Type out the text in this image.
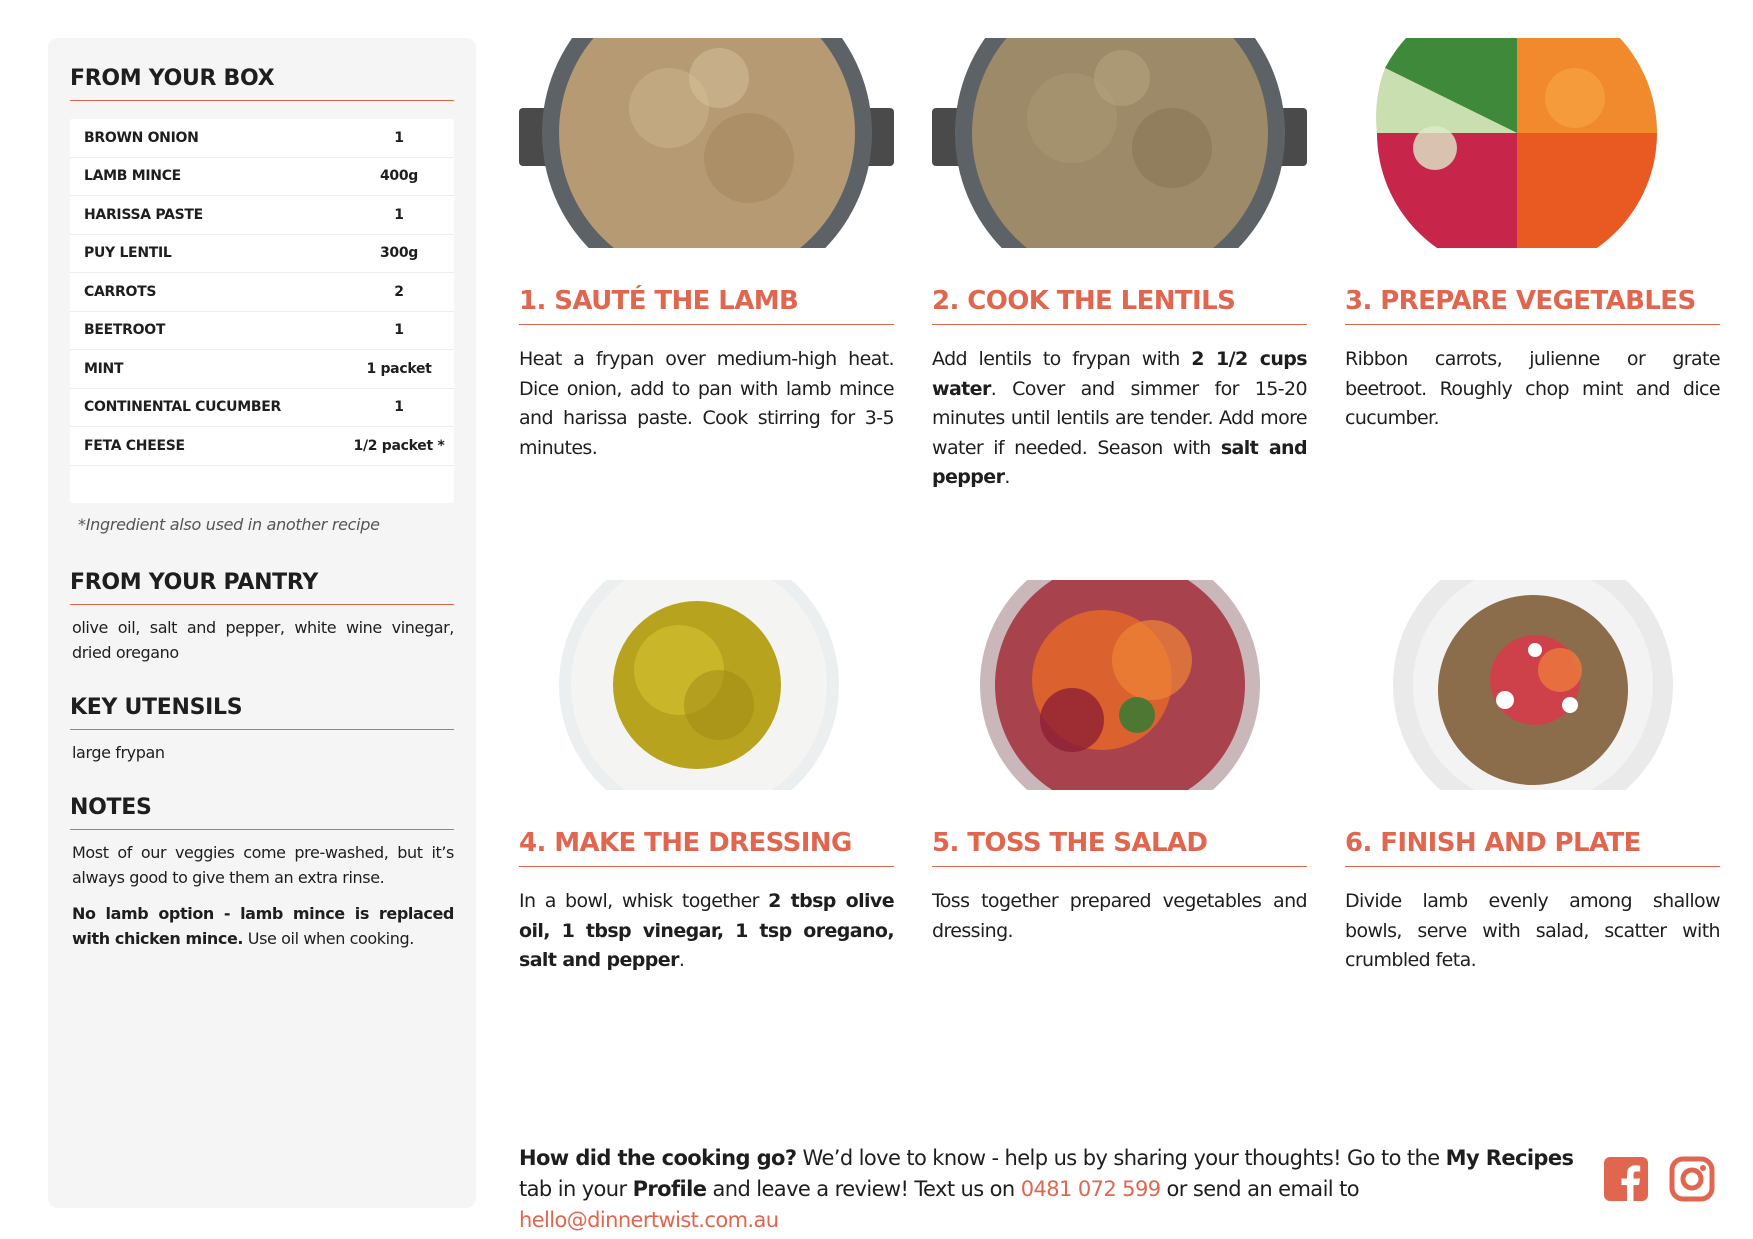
FROM YOUR BOX
BROWN ONION	1
LAMB MINCE	400g
HARISSA PASTE	1
PUY LENTIL	300g
CARROTS	2
BEETROOT	1
MINT	1 packet
CONTINENTAL CUCUMBER	1
FETA CHEESE	1/2 packet *

*Ingredient also used in another recipe

FROM YOUR PANTRY

olive oil, salt and pepper, white wine vinegar, dried oregano

KEY UTENSILS

large frypan

NOTES

Most of our veggies come pre-washed, but it’s always good to give them an extra rinse.

No lamb option - lamb mince is replaced with chicken mince. Use oil when cooking.

1. SAUTÉ THE LAMB

Heat a frypan over medium-high heat. Dice onion, add to pan with lamb mince and harissa paste. Cook stirring for 3-5 minutes.

2. COOK THE LENTILS

Add lentils to frypan with 2 1/2 cups water. Cover and simmer for 15-20 minutes until lentils are tender. Add more water if needed. Season with salt and pepper.

3. PREPARE VEGETABLES

Ribbon carrots, julienne or grate beetroot. Roughly chop mint and dice cucumber.

4. MAKE THE DRESSING

In a bowl, whisk together 2 tbsp olive oil, 1 tbsp vinegar, 1 tsp oregano, salt and pepper.

5. TOSS THE SALAD

Toss together prepared vegetables and dressing.

6. FINISH AND PLATE

Divide lamb evenly among shallow bowls, serve with salad, scatter with crumbled feta.

How did the cooking go? We’d love to know - help us by sharing your thoughts! Go to the My Recipes tab in your Profile and leave a review! Text us on 0481 072 599 or send an email to hello@dinnertwist.com.au
